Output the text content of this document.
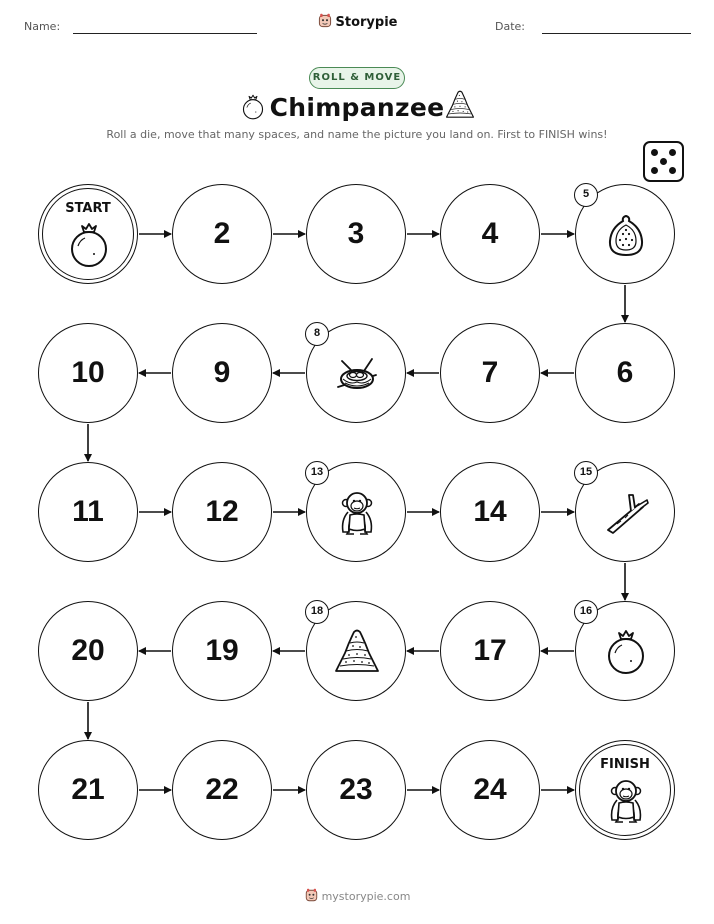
Name:	Storypie	Date:
ROLL & MOVE
Chimpanzee
Roll a die, move that many spaces, and name the picture you land on. First to FINISH wins!
START
2	3	4
5
6
7
8
9
10
11	12
13
14
15
16
17
18
19
20
21	22	23	24
FINISH
mystorypie.com
